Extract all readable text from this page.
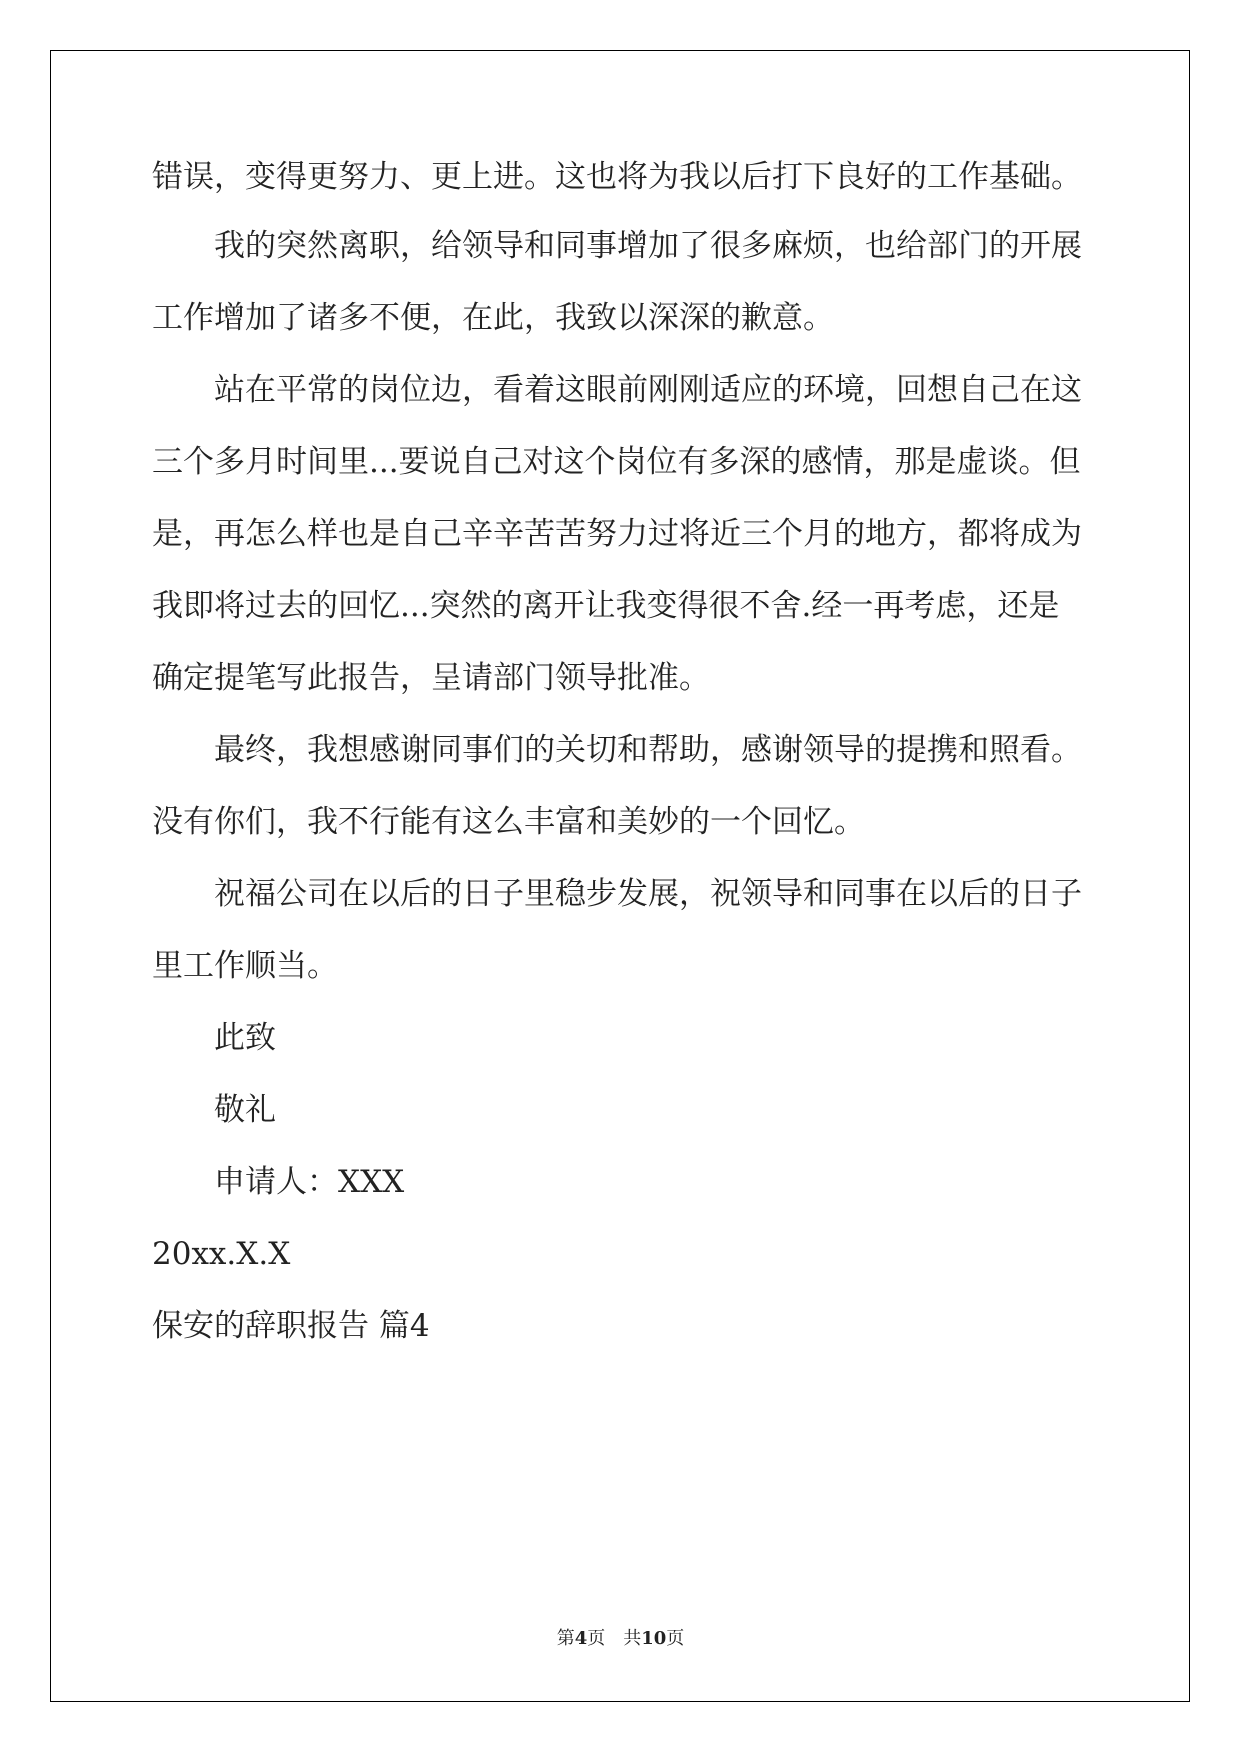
错误，变得更努力、更上进。这也将为我以后打下良好的工作基础。
我的突然离职，给领导和同事增加了很多麻烦，也给部门的开展
工作增加了诸多不便，在此，我致以深深的歉意。
站在平常的岗位边，看着这眼前刚刚适应的环境，回想自己在这
三个多月时间里...要说自己对这个岗位有多深的感情，那是虚谈。但
是，再怎么样也是自己辛辛苦苦努力过将近三个月的地方，都将成为
我即将过去的回忆...突然的离开让我变得很不舍.经一再考虑，还是
确定提笔写此报告，呈请部门领导批准。
最终，我想感谢同事们的关切和帮助，感谢领导的提携和照看。
没有你们，我不行能有这么丰富和美妙的一个回忆。
祝福公司在以后的日子里稳步发展，祝领导和同事在以后的日子
里工作顺当。
此致
敬礼
申请人：XXX
20xx.X.X
保安的辞职报告 篇4
第4页　共10页
